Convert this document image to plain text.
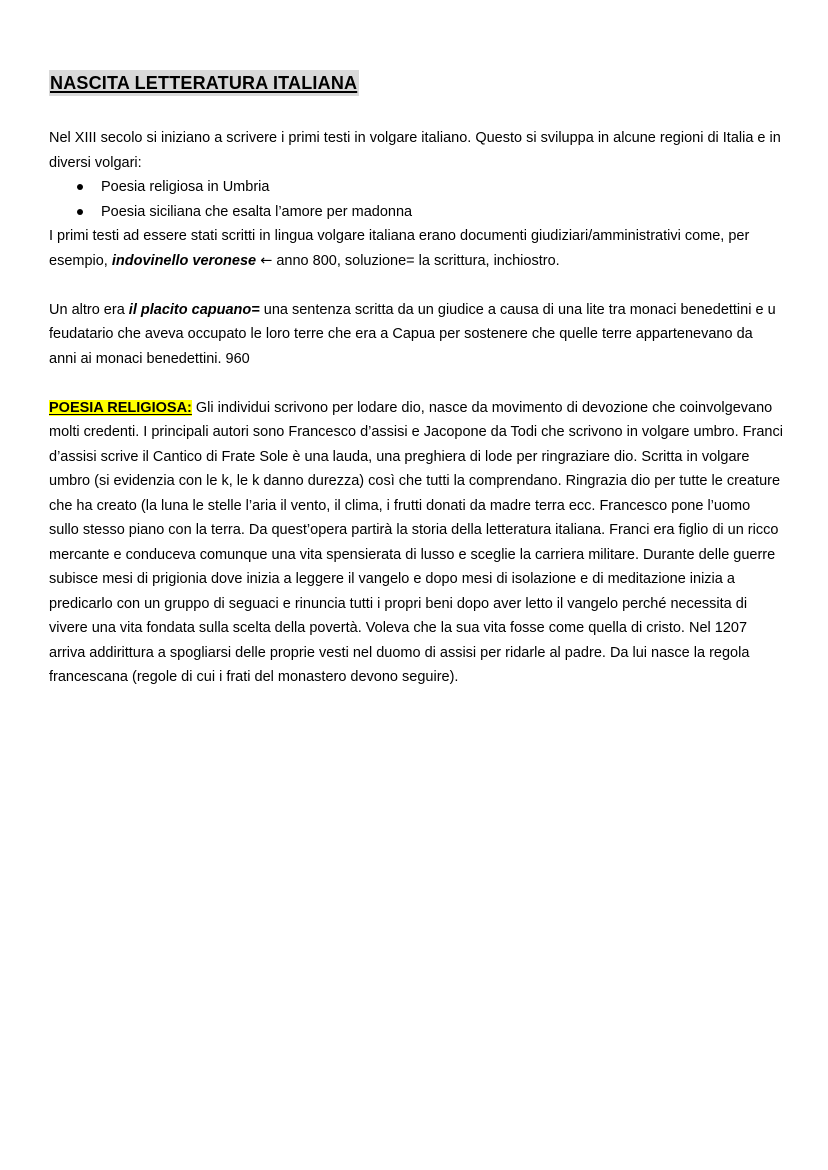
NASCITA LETTERATURA ITALIANA

Nel XIII secolo si iniziano a scrivere i primi testi in volgare italiano. Questo si sviluppa in alcune regioni di Italia e in diversi volgari:

Poesia religiosa in Umbria
Poesia siciliana che esalta l’amore per madonna

I primi testi ad essere stati scritti in lingua volgare italiana erano documenti giudiziari/amministrativi come, per esempio, indovinello veronese ← anno 800, soluzione= la scrittura, inchiostro.

Un altro era il placito capuano= una sentenza scritta da un giudice a causa di una lite tra monaci benedettini e u feudatario che aveva occupato le loro terre che era a Capua per sostenere che quelle terre appartenevano da anni ai monaci benedettini. 960

POESIA RELIGIOSA: Gli individui scrivono per lodare dio, nasce da movimento di devozione che coinvolgevano molti credenti. I principali autori sono Francesco d’assisi e Jacopone da Todi che scrivono in volgare umbro. Franci d’assisi scrive il Cantico di Frate Sole è una lauda, una preghiera di lode per ringraziare dio. Scritta in volgare umbro (si evidenzia con le k, le k danno durezza) così che tutti la comprendano. Ringrazia dio per tutte le creature che ha creato (la luna le stelle l’aria il vento, il clima, i frutti donati da madre terra ecc. Francesco pone l’uomo sullo stesso piano con la terra. Da quest’opera partirà la storia della letteratura italiana. Franci era figlio di un ricco mercante e conduceva comunque una vita spensierata di lusso e sceglie la carriera militare. Durante delle guerre subisce mesi di prigionia dove inizia a leggere il vangelo e dopo mesi di isolazione e di meditazione inizia a predicarlo con un gruppo di seguaci e rinuncia tutti i propri beni dopo aver letto il vangelo perché necessita di vivere una vita fondata sulla scelta della povertà. Voleva che la sua vita fosse come quella di cristo. Nel 1207 arriva addirittura a spogliarsi delle proprie vesti nel duomo di assisi per ridarle al padre. Da lui nasce la regola francescana (regole di cui i frati del monastero devono seguire).
